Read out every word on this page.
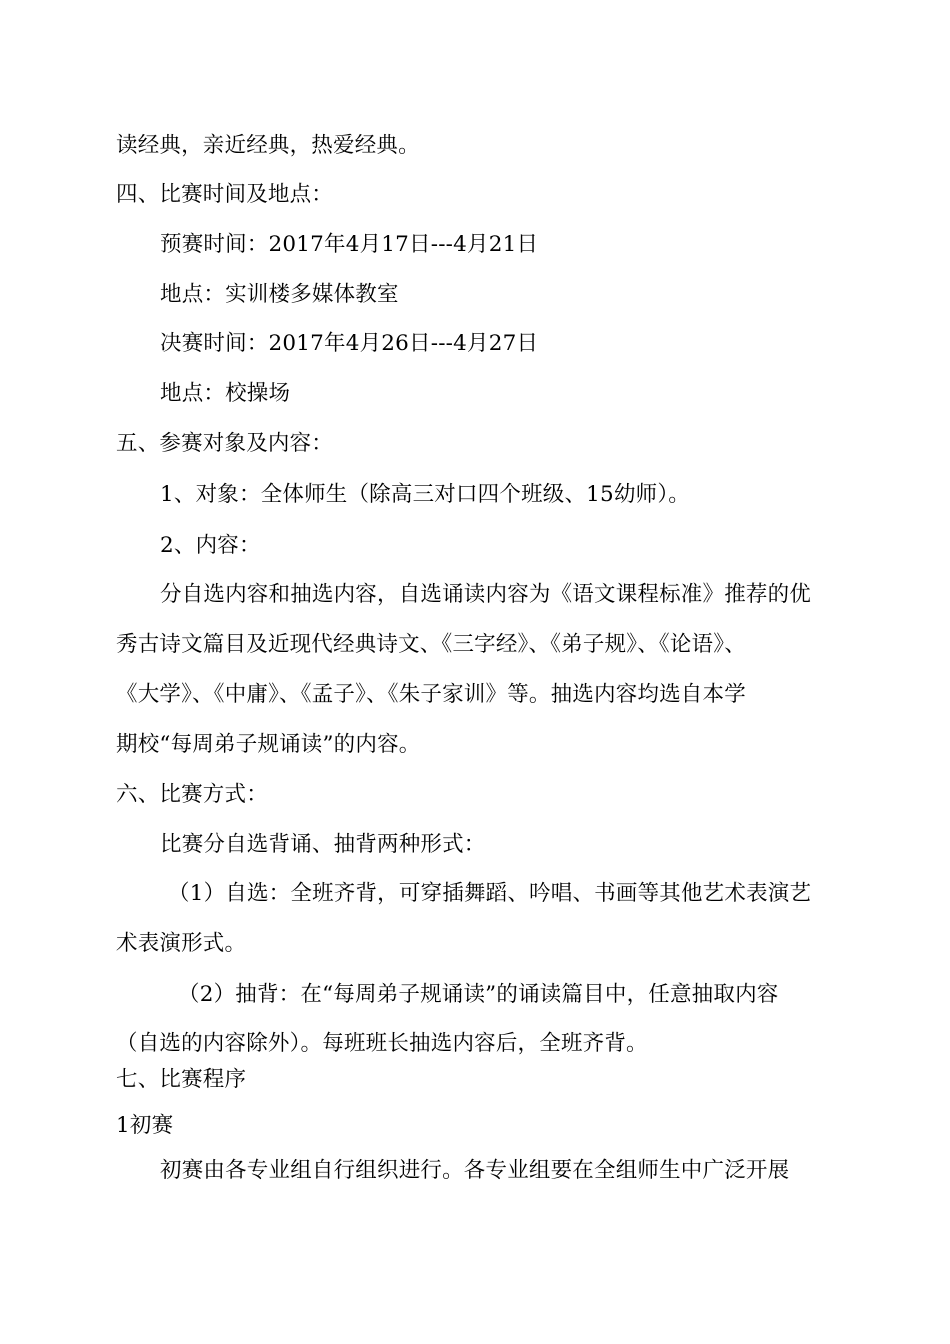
读经典，亲近经典，热爱经典。
四、比赛时间及地点：
预赛时间：2017年4月17日---4月21日
地点：实训楼多媒体教室
决赛时间：2017年4月26日---4月27日
地点：校操场
五、参赛对象及内容：
1、对象：全体师生（除高三对口四个班级、15幼师）。
2、内容：
分自选内容和抽选内容，自选诵读内容为《语文课程标准》推荐的优
秀古诗文篇目及近现代经典诗文、《三字经》、《弟子规》、《论语》、
《大学》、《中庸》、《孟子》、《朱子家训》等。抽选内容均选自本学
期校“每周弟子规诵读”的内容。
六、比赛方式：
比赛分自选背诵、抽背两种形式：
（1）自选：全班齐背，可穿插舞蹈、吟唱、书画等其他艺术表演艺
术表演形式。
（2）抽背：在“每周弟子规诵读”的诵读篇目中，任意抽取内容
（自选的内容除外）。每班班长抽选内容后，全班齐背。
七、比赛程序
1初赛
初赛由各专业组自行组织进行。各专业组要在全组师生中广泛开展
